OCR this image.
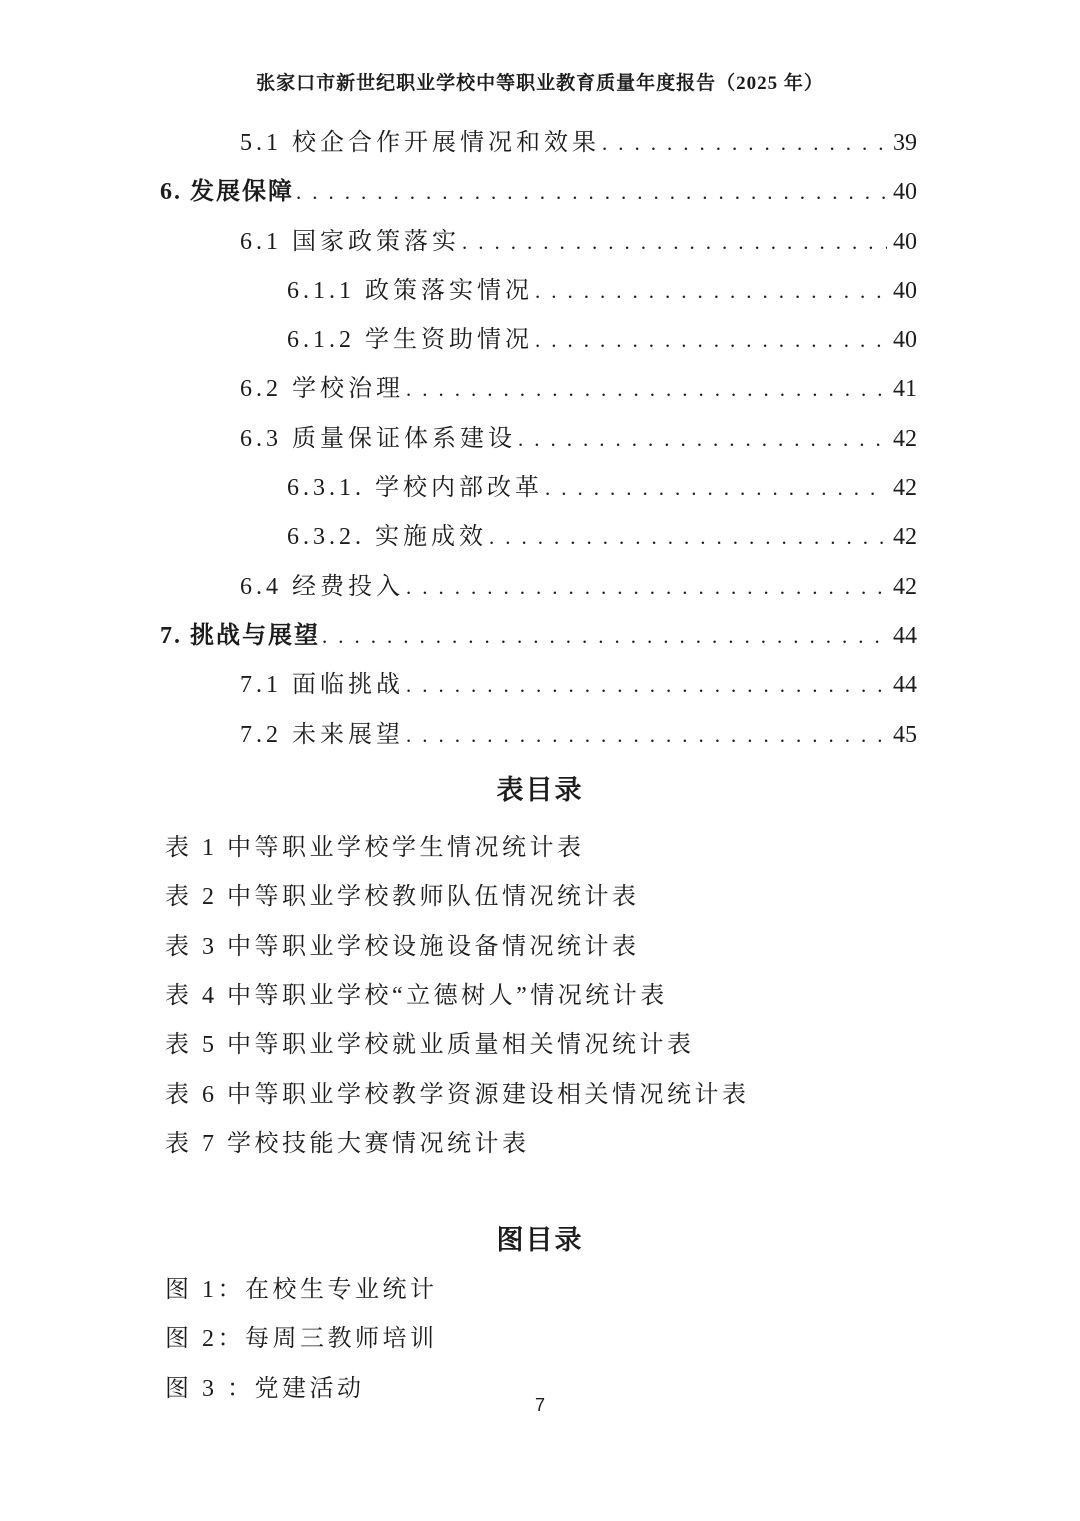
张家口市新世纪职业学校中等职业教育质量年度报告（2025 年）
5.1 校企合作开展情况和效果 .....	39
6. 发展保障 .....	40
6.1 国家政策落实 .....	40
6.1.1 政策落实情况 .....	40
6.1.2 学生资助情况 .....	40
6.2 学校治理 .....	41
6.3 质量保证体系建设 .....	42
6.3.1. 学校内部改革 .....	42
6.3.2. 实施成效 .....	42
6.4 经费投入 .....	42
7. 挑战与展望 .....	44
7.1 面临挑战 .....	44
7.2 未来展望 .....	45
表目录
表 1 中等职业学校学生情况统计表
表 2 中等职业学校教师队伍情况统计表
表 3 中等职业学校设施设备情况统计表
表 4 中等职业学校“立德树人”情况统计表
表 5 中等职业学校就业质量相关情况统计表
表 6 中等职业学校教学资源建设相关情况统计表
表 7 学校技能大赛情况统计表
图目录
图 1：在校生专业统计
图 2：每周三教师培训
图 3 ：党建活动
7
